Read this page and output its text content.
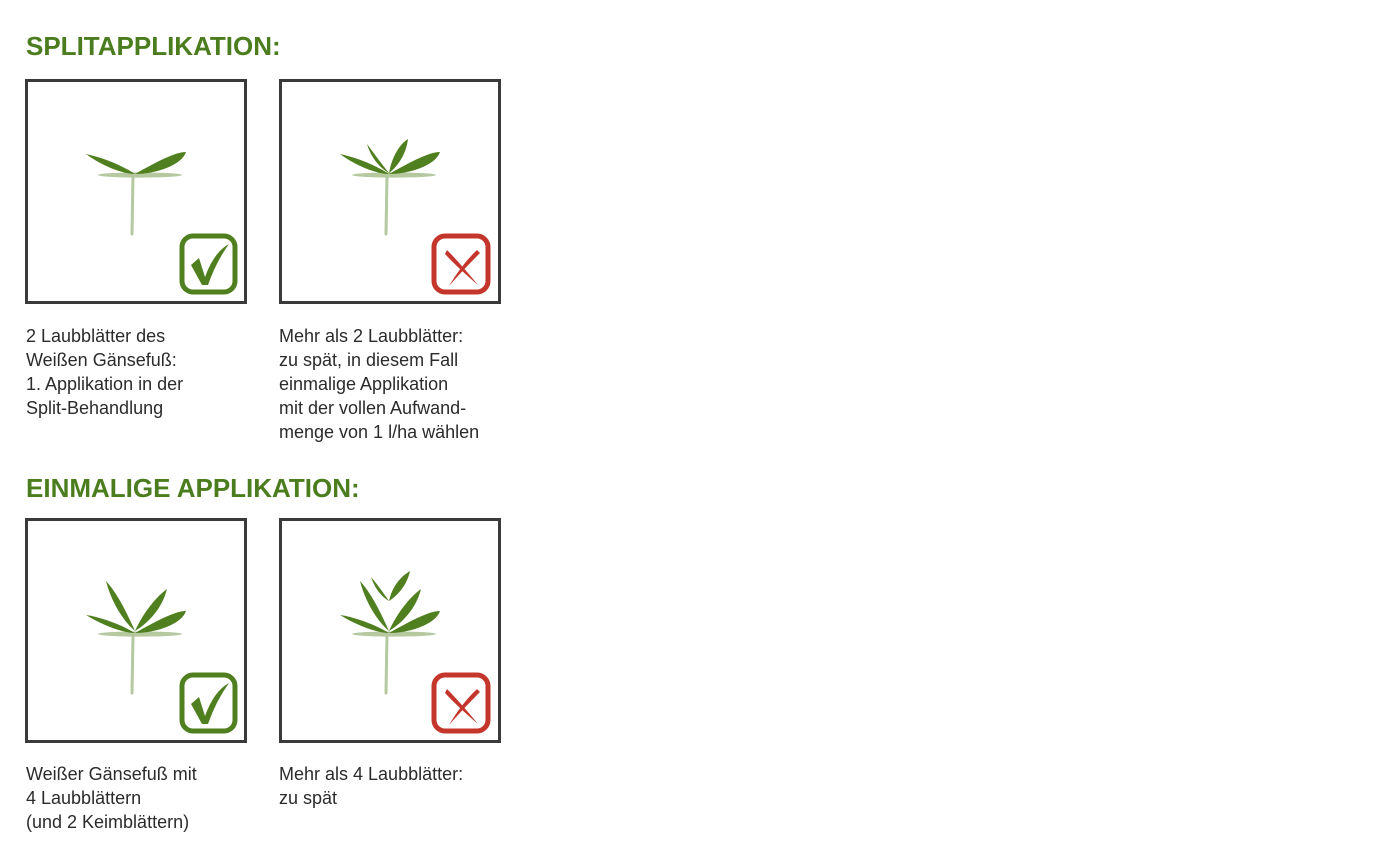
SPLITAPPLIKATION:
2 Laubblätter des
Weißen Gänsefuß:
1. Applikation in der
Split-Behandlung
Mehr als 2 Laubblätter:
zu spät, in diesem Fall
einmalige Applikation
mit der vollen Aufwand-
menge von 1 l/ha wählen
EINMALIGE APPLIKATION:
Weißer Gänsefuß mit
4 Laubblättern
(und 2 Keimblättern)
Mehr als 4 Laubblätter:
zu spät
